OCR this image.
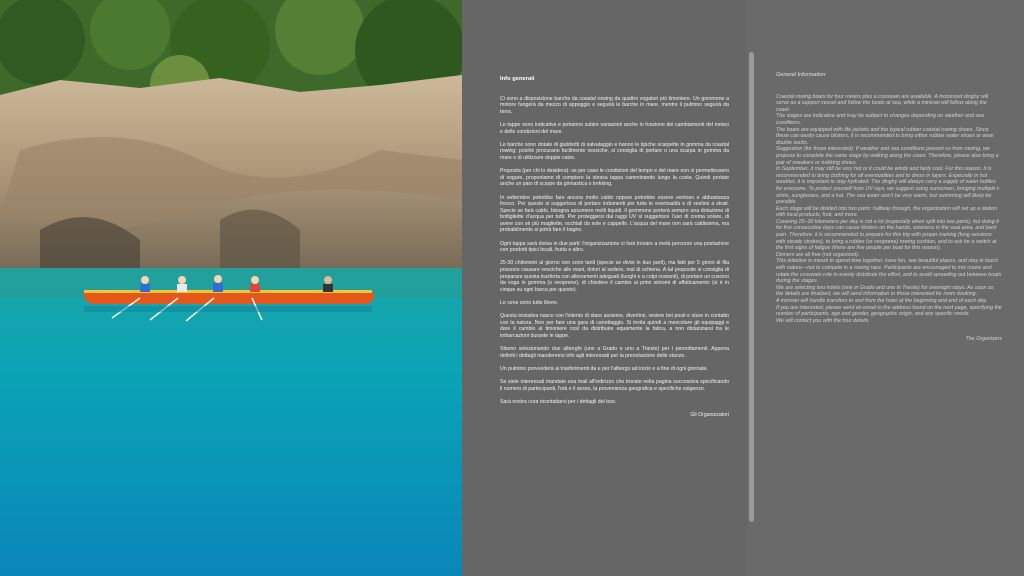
Info generali

Ci sono a disposizione barche da coastal rowing da quattro vogatori più timoniere. Un gommone a motore fungerà da mezzo di appoggio e seguirà le barche in mare, mentre il pulmino seguirà da terra.

Le tappe sono indicative e potranno subire variazioni anche in funzione dei cambiamenti del meteo e delle condizioni del mare.

Le barche sono dotate di giubbotti di salvataggio e hanno le tipiche scarpette in gomma da coastal rowing: poiché procurano facilmente vesciche, si consiglia di portare o una scarpa in gomma da mare o di utilizzare doppie calze.

Proposta (per chi lo desidera): se per caso le condizioni del tempo e del mare non ci permettessero di vogare, proponiamo di compiere la stessa tappa camminando lungo la costa. Quindi portate anche un paio di scarpe da ginnastica o trekking.

In settembre potrebbe fare ancora molto caldo oppure potrebbe essere ventoso e abbastanza fresco. Per questo si suggerisce di portare indumenti per tutte le eventualità e di vestirsi a strati. Specie se farà caldo, bisogna assumere molti liquidi. Il gommone porterà sempre una dotazione di bottigliette d'acqua per tutti. Per proteggersi dai raggi UV si suggerisce l'uso di crema solare, di avere con sé più magliette, occhiali da sole e cappello. L'acqua del mare non sarà caldissima, ma probabilmente si potrà fare il bagno.

Ogni tappa sarà divisa in due parti: l'organizzazione ci farà trovare a metà percorso una postazione con prodotti tipici locali, frutta e altro.

25-30 chilometri al giorno non sono tanti (specie se divisi in due parti), ma fatti per 5 giorni di fila possono causare vesciche alle mani, dolori al sedere, mal di schiena. A tal proposito si consiglia di preparare questa trasferta con allenamenti adeguati (lunghi e a colpi costanti), di portare un cuscino da voga in gomma (o neoprene), di chiedere il cambio ai primi sintomi di affaticamento (si è in cinque su ogni barca per questo).

Le cene sono tutte libere.

Questa iniziativa nasce con l'intento di stare assieme, divertirsi, vedere bei posti e stare in contatto con la natura. Non per fare una gara di canottaggio. Si invita quindi a mescolare gli equipaggi e dare il cambio al timoniere così da distribuire equamente la fatica, a non distanziarsi tra le imbarcazioni durante le tappe.

Stiamo selezionando due alberghi (uno a Grado e uno a Trieste) per i pernottamenti. Appena definiti i dettagli manderemo info agli interessati per la prenotazione delle stanze.

Un pulmino provvederà ai trasferimenti da e per l'albergo ad inizio e a fine di ogni giornata.

Se siete interessati mandate una mail all'indirizzo che trovate nella pagina successiva specificando il numero di partecipanti, l'età e il sesso, la provenienza geografica e specifiche esigenze.

Sarà nostra cura ricontattarvi per i dettagli del tour.

Gli Organizzatori

General Information

Coastal rowing boats for four rowers plus a coxswain are available. A motorized dinghy will serve as a support vessel and follow the boats at sea, while a minivan will follow along the coast.

The stages are indicative and may be subject to changes depending on weather and sea conditions.

The boats are equipped with life jackets and the typical rubber coastal rowing shoes. Since these can easily cause blisters, it is recommended to bring either rubber water shoes or wear double socks.

Suggestion (for those interested): If weather and sea conditions prevent us from rowing, we propose to complete the same stage by walking along the coast. Therefore, please also bring a pair of sneakers or trekking shoes.

In September, it may still be very hot or it could be windy and fairly cool. For this reason, it is recommended to bring clothing for all eventualities and to dress in layers. Especially in hot weather, it is important to stay hydrated. The dinghy will always carry a supply of water bottles for everyone. To protect yourself from UV rays, we suggest using sunscreen, bringing multiple t-shirts, sunglasses, and a hat. The sea water won't be very warm, but swimming will likely be possible.

Each stage will be divided into two parts: halfway through, the organization will set up a station with local products, fruit, and more.

Covering 25–30 kilometers per day is not a lot (especially when split into two parts), but doing it for five consecutive days can cause blisters on the hands, soreness in the seat area, and back pain. Therefore, it is recommended to prepare for this trip with proper training (long sessions with steady strokes), to bring a rubber (or neoprene) rowing cushion, and to ask for a switch at the first signs of fatigue (there are five people per boat for this reason).

Dinners are all free (not organized).

This initiative is meant to spend time together, have fun, see beautiful places, and stay in touch with nature—not to compete in a rowing race. Participants are encouraged to mix crews and rotate the coxswain role to evenly distribute the effort, and to avoid spreading out between boats during the stages.

We are selecting two hotels (one in Grado and one in Trieste) for overnight stays. As soon as the details are finalized, we will send information to those interested for room booking.

A minivan will handle transfers to and from the hotel at the beginning and end of each day.

If you are interested, please send an email to the address found on the next page, specifying the number of participants, age and gender, geographic origin, and any specific needs.

We will contact you with the tour details.

The Organizers
